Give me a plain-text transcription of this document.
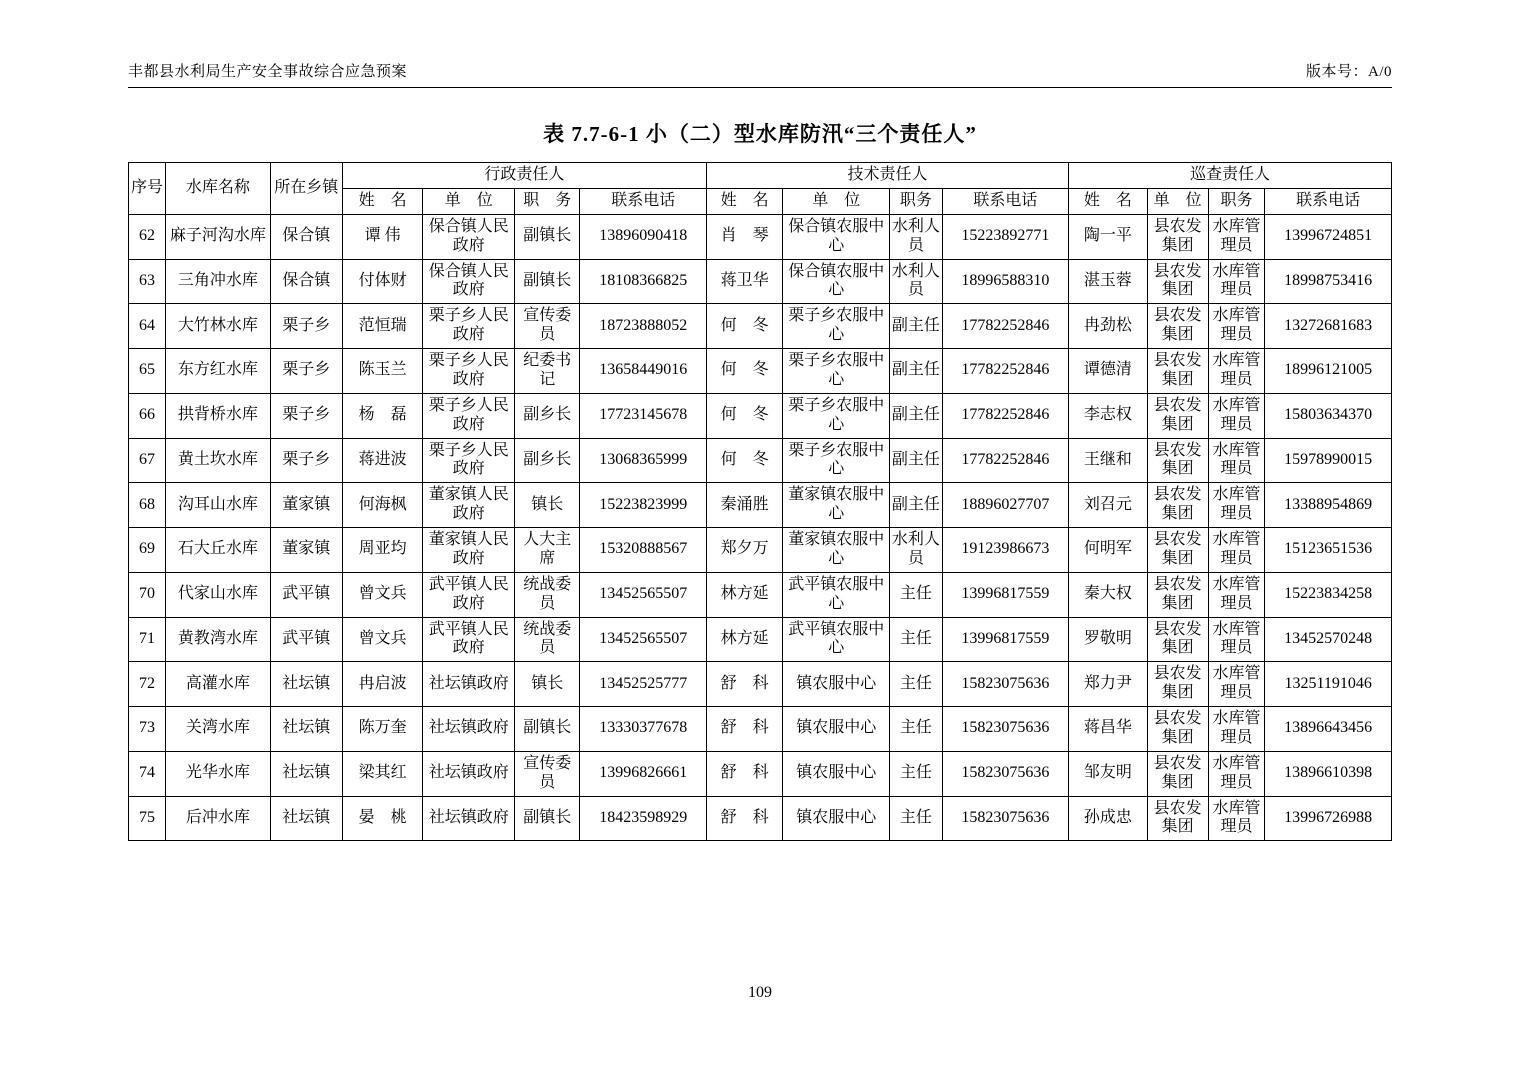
丰都县水利局生产安全事故综合应急预案	版本号：A/0
表 7.7-6-1 小（二）型水库防汛“三个责任人”
序号	水库名称	所在乡镇	行政责任人				技术责任人				巡查责任人			
			姓　名	单　位	职　务	联系电话	姓　名	单　位	职务	联系电话	姓　名	单　位	职务	联系电话
62	麻子河沟水库	保合镇	谭 伟	保合镇人民政府	副镇长	13896090418	肖　琴	保合镇农服中心	水利人员	15223892771	陶一平	县农发集团	水库管理员	13996724851
63	三角冲水库	保合镇	付体财	保合镇人民政府	副镇长	18108366825	蒋卫华	保合镇农服中心	水利人员	18996588310	湛玉蓉	县农发集团	水库管理员	18998753416
64	大竹林水库	栗子乡	范恒瑞	栗子乡人民政府	宣传委员	18723888052	何　冬	栗子乡农服中心	副主任	17782252846	冉劲松	县农发集团	水库管理员	13272681683
65	东方红水库	栗子乡	陈玉兰	栗子乡人民政府	纪委书记	13658449016	何　冬	栗子乡农服中心	副主任	17782252846	谭德清	县农发集团	水库管理员	18996121005
66	拱背桥水库	栗子乡	杨　磊	栗子乡人民政府	副乡长	17723145678	何　冬	栗子乡农服中心	副主任	17782252846	李志权	县农发集团	水库管理员	15803634370
67	黄土坎水库	栗子乡	蒋进波	栗子乡人民政府	副乡长	13068365999	何　冬	栗子乡农服中心	副主任	17782252846	王继和	县农发集团	水库管理员	15978990015
68	沟耳山水库	董家镇	何海枫	董家镇人民政府	镇长	15223823999	秦涌胜	董家镇农服中心	副主任	18896027707	刘召元	县农发集团	水库管理员	13388954869
69	石大丘水库	董家镇	周亚均	董家镇人民政府	人大主席	15320888567	郑夕万	董家镇农服中心	水利人员	19123986673	何明军	县农发集团	水库管理员	15123651536
70	代家山水库	武平镇	曾文兵	武平镇人民政府	统战委员	13452565507	林方延	武平镇农服中心	主任	13996817559	秦大权	县农发集团	水库管理员	15223834258
71	黄教湾水库	武平镇	曾文兵	武平镇人民政府	统战委员	13452565507	林方延	武平镇农服中心	主任	13996817559	罗敬明	县农发集团	水库管理员	13452570248
72	高灌水库	社坛镇	冉启波	社坛镇政府	镇长	13452525777	舒　科	镇农服中心	主任	15823075636	郑力尹	县农发集团	水库管理员	13251191046
73	关湾水库	社坛镇	陈万奎	社坛镇政府	副镇长	13330377678	舒　科	镇农服中心	主任	15823075636	蒋昌华	县农发集团	水库管理员	13896643456
74	光华水库	社坛镇	梁其红	社坛镇政府	宣传委员	13996826661	舒　科	镇农服中心	主任	15823075636	邹友明	县农发集团	水库管理员	13896610398
75	后冲水库	社坛镇	晏　桃	社坛镇政府	副镇长	18423598929	舒　科	镇农服中心	主任	15823075636	孙成忠	县农发集团	水库管理员	13996726988
109
